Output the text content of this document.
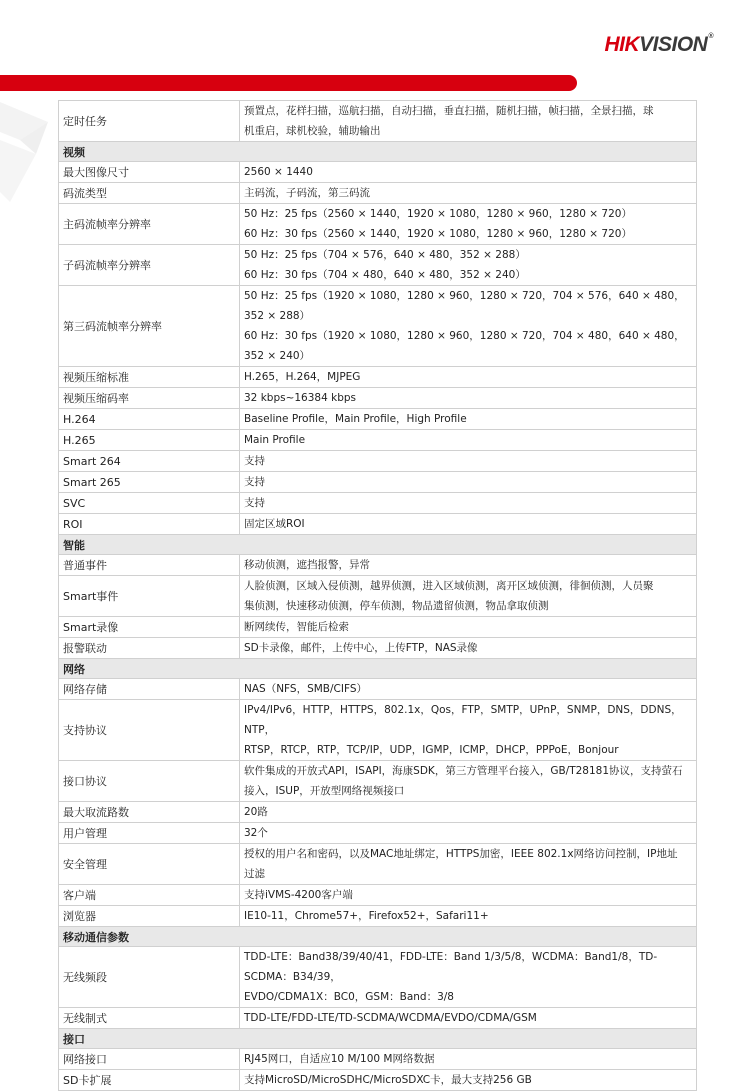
HIKVISION®
定时任务	预置点，花样扫描，巡航扫描，自动扫描，垂直扫描，随机扫描，帧扫描，全景扫描，球
机重启，球机校验，辅助输出

视频	
最大图像尺寸	2560 × 1440

码流类型	主码流，子码流，第三码流

主码流帧率分辨率	50 Hz：25 fps（2560 × 1440，1920 × 1080，1280 × 960，1280 × 720）
60 Hz：30 fps（2560 × 1440，1920 × 1080，1280 × 960，1280 × 720）

子码流帧率分辨率	50 Hz：25 fps（704 × 576，640 × 480，352 × 288）
60 Hz：30 fps（704 × 480，640 × 480，352 × 240）

第三码流帧率分辨率	50 Hz：25 fps（1920 × 1080，1280 × 960，1280 × 720，704 × 576，640 × 480，352 × 288）
60 Hz：30 fps（1920 × 1080，1280 × 960，1280 × 720，704 × 480，640 × 480，352 × 240）

视频压缩标准	H.265，H.264，MJPEG

视频压缩码率	32 kbps~16384 kbps

H.264	Baseline Profile，Main Profile，High Profile

H.265	Main Profile

Smart 264	支持

Smart 265	支持

SVC	支持

ROI	固定区域ROI

智能	
普通事件	移动侦测，遮挡报警，异常

Smart事件	人脸侦测，区域入侵侦测，越界侦测，进入区域侦测，离开区域侦测，徘徊侦测，人员聚
集侦测，快速移动侦测，停车侦测，物品遗留侦测，物品拿取侦测

Smart录像	断网续传，智能后检索

报警联动	SD卡录像，邮件，上传中心，上传FTP，NAS录像

网络	
网络存储	NAS（NFS，SMB/CIFS）

支持协议	IPv4/IPv6，HTTP，HTTPS，802.1x，Qos，FTP，SMTP，UPnP，SNMP，DNS，DDNS，NTP，
RTSP，RTCP，RTP，TCP/IP，UDP，IGMP，ICMP，DHCP，PPPoE，Bonjour

接口协议	软件集成的开放式API，ISAPI，海康SDK，第三方管理平台接入，GB/T28181协议，支持萤石
接入，ISUP，开放型网络视频接口

最大取流路数	20路

用户管理	32个

安全管理	授权的用户名和密码，以及MAC地址绑定，HTTPS加密，IEEE 802.1x网络访问控制，IP地址
过滤

客户端	支持iVMS-4200客户端

浏览器	IE10-11，Chrome57+，Firefox52+，Safari11+

移动通信参数	
无线频段	TDD-LTE：Band38/39/40/41，FDD-LTE：Band 1/3/5/8，WCDMA：Band1/8，TD-SCDMA：B34/39，
EVDO/CDMA1X：BC0，GSM：Band：3/8

无线制式	TDD-LTE/FDD-LTE/TD-SCDMA/WCDMA/EVDO/CDMA/GSM

接口	
网络接口	RJ45网口，自适应10 M/100 M网络数据

SD卡扩展	支持MicroSD/MicroSDHC/MicroSDXC卡，最大支持256 GB
